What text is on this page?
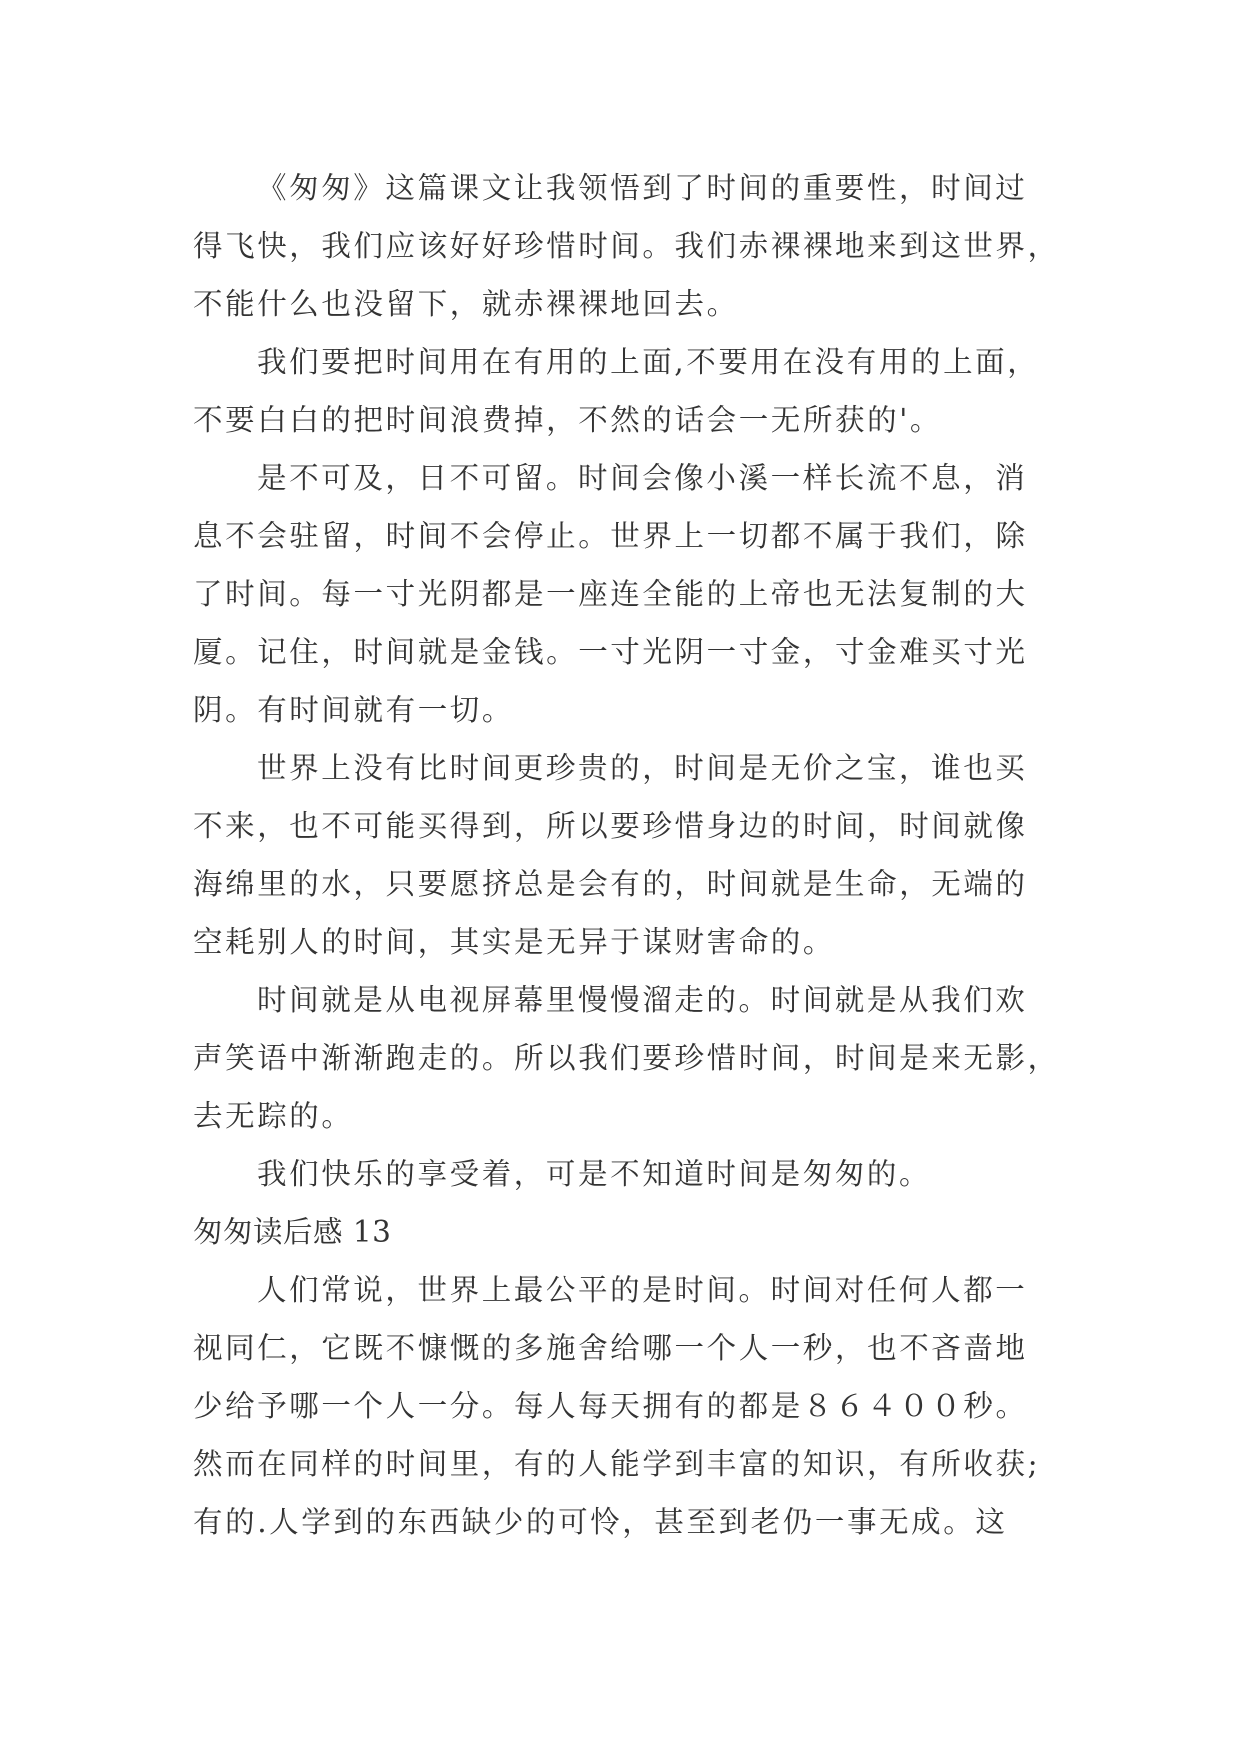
《匆匆》这篇课文让我领悟到了时间的重要性，时间过
得飞快，我们应该好好珍惜时间。我们赤裸裸地来到这世界，
不能什么也没留下，就赤裸裸地回去。
我们要把时间用在有用的上面,不要用在没有用的上面，
不要白白的把时间浪费掉，不然的话会一无所获的'。
是不可及，日不可留。时间会像小溪一样长流不息，消
息不会驻留，时间不会停止。世界上一切都不属于我们，除
了时间。每一寸光阴都是一座连全能的上帝也无法复制的大
厦。记住，时间就是金钱。一寸光阴一寸金，寸金难买寸光
阴。有时间就有一切。
世界上没有比时间更珍贵的，时间是无价之宝，谁也买
不来，也不可能买得到，所以要珍惜身边的时间，时间就像
海绵里的水，只要愿挤总是会有的，时间就是生命，无端的
空耗别人的时间，其实是无异于谋财害命的。
时间就是从电视屏幕里慢慢溜走的。时间就是从我们欢
声笑语中渐渐跑走的。所以我们要珍惜时间，时间是来无影，
去无踪的。
我们快乐的享受着，可是不知道时间是匆匆的。
匆匆读后感 13
人们常说，世界上最公平的是时间。时间对任何人都一
视同仁，它既不慷慨的多施舍给哪一个人一秒，也不吝啬地
少给予哪一个人一分。每人每天拥有的都是８６４００秒。
然而在同样的时间里，有的人能学到丰富的知识，有所收获;
有的.人学到的东西缺少的可怜，甚至到老仍一事无成。这
